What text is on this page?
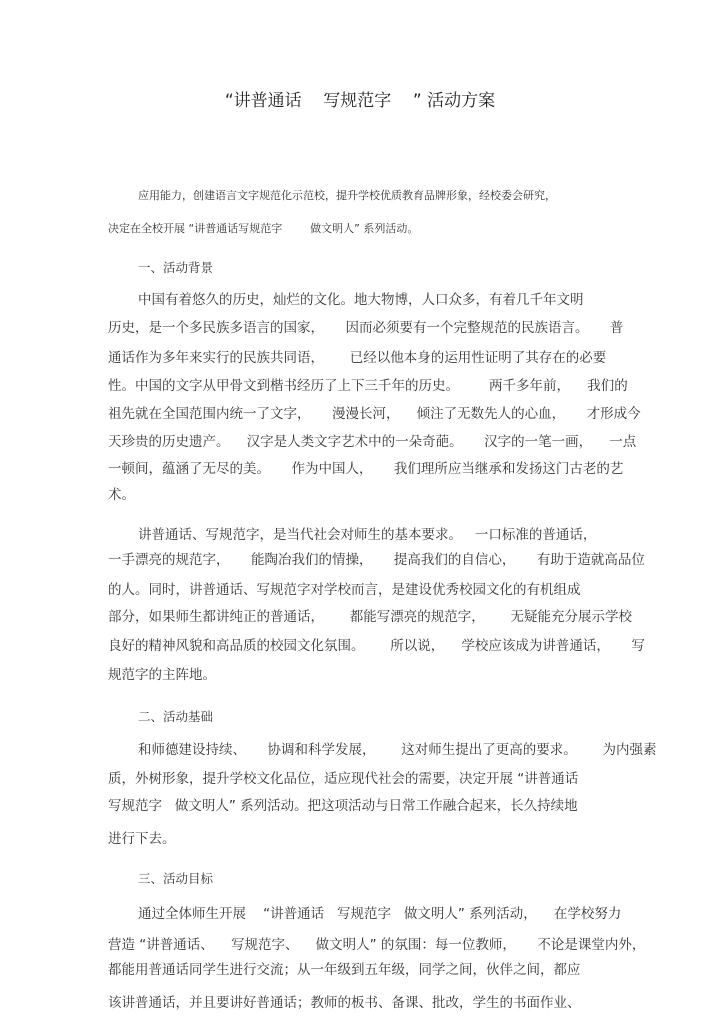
“讲普通话    写规范字    ” 活动方案
应用能力，创建语言文字规范化示范校，提升学校优质教育品牌形象，经校委会研究，
决定在全校开展 “讲普通话写规范字        做文明人” 系列活动。
一、活动背景
中国有着悠久的历史，灿烂的文化。地大物博，人口众多，有着几千年文明
历史，是一个多民族多语言的国家，     因而必须要有一个完整规范的民族语言。     普
通话作为多年来实行的民族共同语，      已经以他本身的运用性证明了其存在的必要
性。中国的文字从甲骨文到楷书经历了上下三千年的历史。       两千多年前，    我们的
祖先就在全国范围内统一了文字，     漫漫长河，    倾注了无数先人的心血，     才形成今
天珍贵的历史遗产。    汉字是人类文字艺术中的一朵奇葩。     汉字的一笔一画，    一点
一顿间，蕴涵了无尽的美。     作为中国人，     我们理所应当继承和发扬这门古老的艺
术。
讲普通话、写规范字，是当代社会对师生的基本要求。   一口标准的普通话，
一手漂亮的规范字，     能陶冶我们的情操，     提高我们的自信心，     有助于造就高品位
的人。同时，讲普通话、写规范字对学校而言，是建设优秀校园文化的有机组成
部分，如果师生都讲纯正的普通话，      都能写漂亮的规范字，      无疑能充分展示学校
良好的精神风貌和高品质的校园文化氛围。      所以说，    学校应该成为讲普通话，     写
规范字的主阵地。
二、活动基础
和师德建设持续、     协调和科学发展，      这对师生提出了更高的要求。      为内强素
质，外树形象，提升学校文化品位，适应现代社会的需要，决定开展 “讲普通话
写规范字   做文明人” 系列活动。把这项活动与日常工作融合起来，长久持续地
进行下去。
三、活动目标
通过全体师生开展    “讲普通话   写规范字   做文明人” 系列活动，    在学校努力
营造 “讲普通话、    写规范字、    做文明人” 的氛围：每一位教师，     不论是课堂内外，
都能用普通话同学生进行交流；从一年级到五年级，同学之间，伙伴之间，都应
该讲普通话，并且要讲好普通话；教师的板书、备课、批改，学生的书面作业、
